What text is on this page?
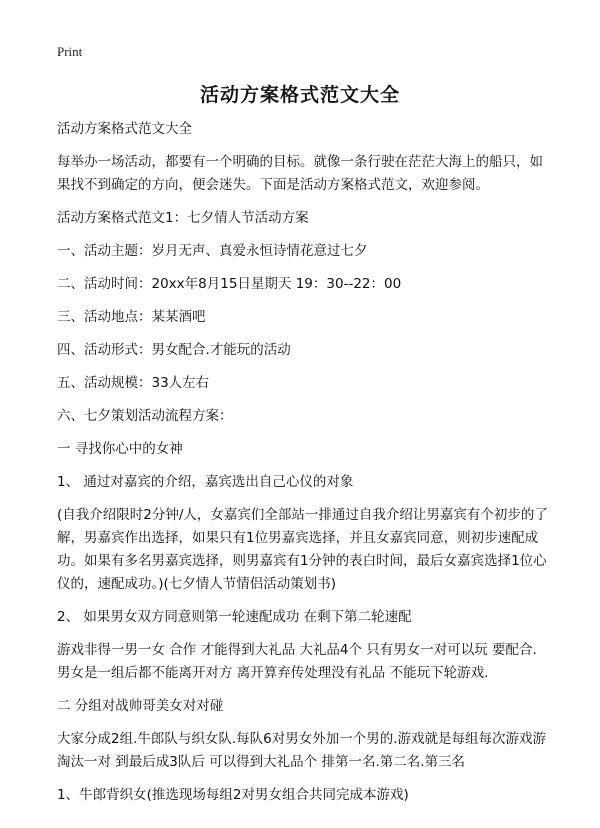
Print
活动方案格式范文大全

活动方案格式范文大全

每举办一场活动，都要有一个明确的目标。就像一条行驶在茫茫大海上的船只，如果找不到确定的方向，便会迷失。下面是活动方案格式范文，欢迎参阅。

活动方案格式范文1：七夕情人节活动方案

一、活动主题：岁月无声、真爱永恒诗情花意过七夕

二、活动时间：20xx年8月15日星期天 19：30--22：00

三、活动地点：某某酒吧

四、活动形式：男女配合.才能玩的活动

五、活动规模：33人左右

六、七夕策划活动流程方案：

一 寻找你心中的女神

1、 通过对嘉宾的介绍，嘉宾选出自己心仪的对象

(自我介绍限时2分钟/人，女嘉宾们全部站一排通过自我介绍让男嘉宾有个初步的了解，男嘉宾作出选择，如果只有1位男嘉宾选择，并且女嘉宾同意，则初步速配成功。如果有多名男嘉宾选择，则男嘉宾有1分钟的表白时间，最后女嘉宾选择1位心仪的，速配成功。)(七夕情人节情侣活动策划书)

2、 如果男女双方同意则第一轮速配成功 在剩下第二轮速配

游戏非得一男一女 合作 才能得到大礼品 大礼品4个 只有男女一对可以玩 要配合.男女是一组后都不能离开对方 离开算弃传处理没有礼品 不能玩下轮游戏.

二 分组对战帅哥美女对对碰

大家分成2组.牛郎队与织女队.每队6对男女外加一个男的.游戏就是每组每次游戏游淘汰一对 到最后成3队后 可以得到大礼品个 排第一名.第二名.第三名

1、牛郎背织女(推选现场每组2对男女组合共同完成本游戏)
